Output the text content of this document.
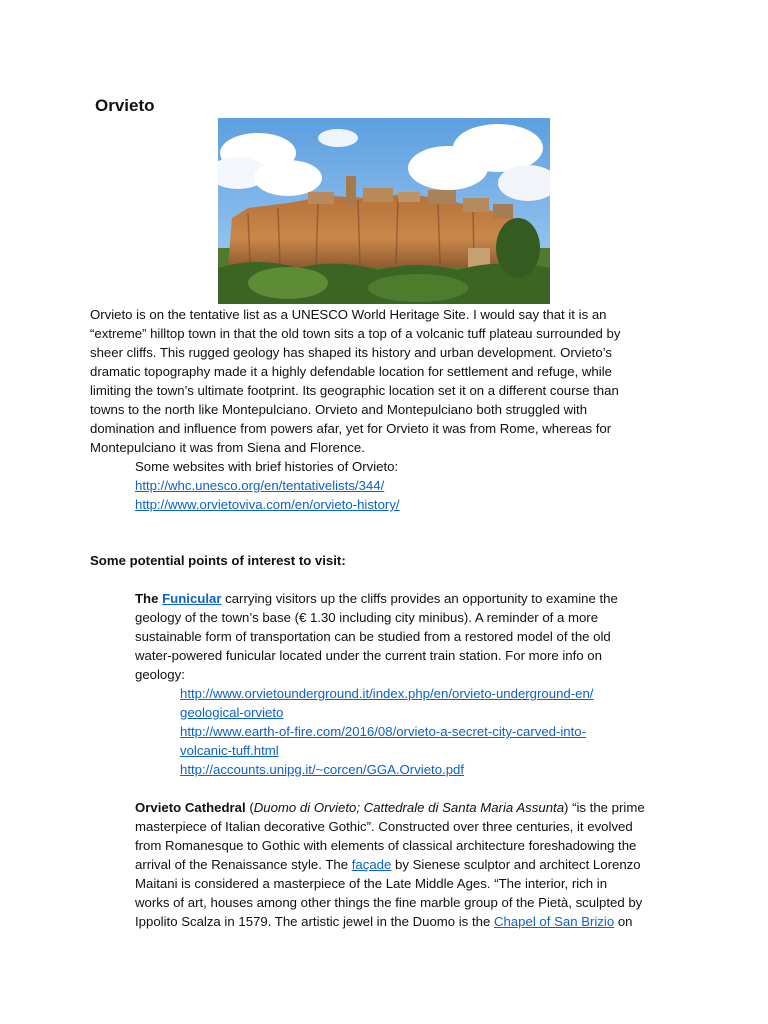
Orvieto
Orvieto is on the tentative list as a UNESCO World Heritage Site. I would say that it is an
“extreme” hilltop town in that the old town sits a top of a volcanic tuff plateau surrounded by
sheer cliffs. This rugged geology has shaped its history and urban development. Orvieto’s
dramatic topography made it a highly defendable location for settlement and refuge, while
limiting the town’s ultimate footprint. Its geographic location set it on a different course than
towns to the north like Montepulciano. Orvieto and Montepulciano both struggled with
domination and influence from powers afar, yet for Orvieto it was from Rome, whereas for
Montepulciano it was from Siena and Florence.
Some websites with brief histories of Orvieto:
http://whc.unesco.org/en/tentativelists/344/
http://www.orvietoviva.com/en/orvieto-history/
Some potential points of interest to visit:
The Funicular carrying visitors up the cliffs provides an opportunity to examine the
geology of the town’s base (€ 1.30 including city minibus). A reminder of a more
sustainable form of transportation can be studied from a restored model of the old
water-powered funicular located under the current train station. For more info on
geology:
http://www.orvietounderground.it/index.php/en/orvieto-underground-en/
geological-orvieto
http://www.earth-of-fire.com/2016/08/orvieto-a-secret-city-carved-into-
volcanic-tuff.html
http://accounts.unipg.it/~corcen/GGA.Orvieto.pdf
Orvieto Cathedral (Duomo di Orvieto; Cattedrale di Santa Maria Assunta) “is the prime
masterpiece of Italian decorative Gothic”. Constructed over three centuries, it evolved
from Romanesque to Gothic with elements of classical architecture foreshadowing the
arrival of the Renaissance style. The façade by Sienese sculptor and architect Lorenzo
Maitani is considered a masterpiece of the Late Middle Ages. “The interior, rich in
works of art, houses among other things the fine marble group of the Pietà, sculpted by
Ippolito Scalza in 1579. The artistic jewel in the Duomo is the Chapel of San Brizio on
